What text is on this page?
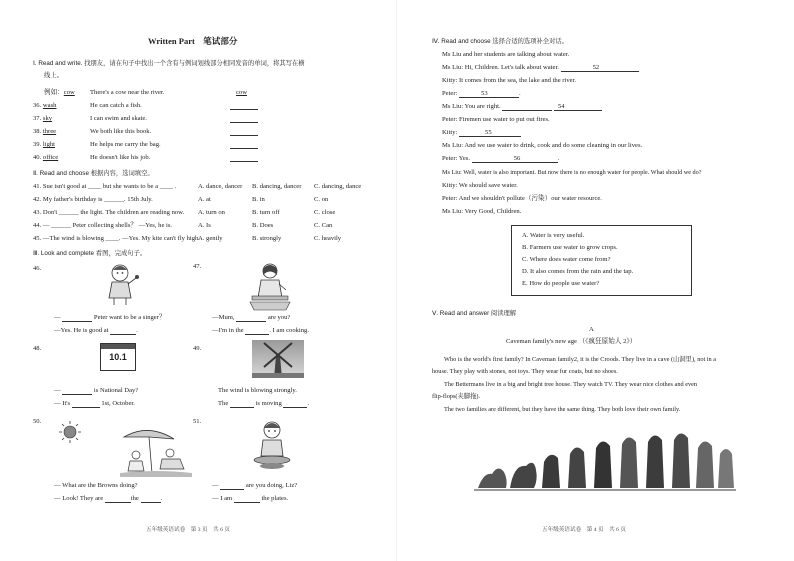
Written Part　笔试部分
Ⅰ. Read and write. 找朋友，请在句子中找出一个含有与例词划线部分相同发音的单词，将其写在横
线上。
例如：cow There's a cow near the river.	cow
36. wash	He can catch a fish.
37. sky	I can swim and skate.
38. three	We both like this book.
39. light	He helps me carry the bag.
40. office	He doesn't like his job.
Ⅱ. Read and choose 根据内容，选词填空。
41. Sue isn't good at ____ but she wants to be a ____ .	A. dance, dancer B. dancing, dancer C. dancing, dance
42. My father's birthday is ______. 15th July.	A. at	B. in	C. on
43. Don't ______ the light. The children are reading now. A. turn on	B. turn off	C. close
44. — ______ Peter collecting shells？ —Yes, he is.	A. Is	B. Does	C. Can
45. —The wind is blowing ____. —Yes. My kite can't fly high.
A. gently	B. strongly	C. heavily
Ⅲ. Look and complete 看图，完成句子。
46.
—	Peter want to be a singer？
—Yes. He is good at	.
47.
—Mum,	are you?
—I'm in the	. I am cooking.
48.
10.1
—	is National Day?
— It's	1st, October.
49.
The wind is blowing strongly.
The	is moving	.
50.
— What are the Browns doing?
— Look! They are	the	.
51.
—	are you doing, Liz?
— I am	the plates.
五年级英语试卷　第 3 页　共 6 页
Ⅳ. Read and choose 选择合适的选项补全对话。
Ms Liu and her students are talking about water.
Ms Liu: Hi, Children. Let's talk about water.	52
Kitty: It comes from the sea, the lake and the river.
Peter:	53	.
Ms Liu: You are right.	54
Peter: Firemen use water to put out fires.
Kitty:	55
Ms Liu: And we use water to drink, cook and do some cleaning in our lives.
Peter: Yes.	56	.
Ms Liu: Well, water is also important. But now there is no enough water for people. What should we do?
Kitty: We should save water.
Peter: And we shouldn't pollute（污染）our water resource.
Ms Liu: Very Good, Children.
A. Water is very useful.
B. Farmers use water to grow crops.
C. Where does water come from?
D. It also comes from the rain and the tap.
E. How do people use water?
Ⅴ. Read and answer 阅读理解
A
Caveman family's new age （《疯狂原始人 2》）
Who is the world's first family? In Caveman family2, it is the Croods. They live in a cave (山洞里), not in a
house. They play with stones, not toys. They wear fur coats, but no shoes.
The Bettermans live in a big and bright tree house. They watch TV. They wear nice clothes and even
flip-flops(夹脚拖).
The two families are different, but they have the same thing. They both love their own family.
五年级英语试卷　第 4 页　共 6 页
